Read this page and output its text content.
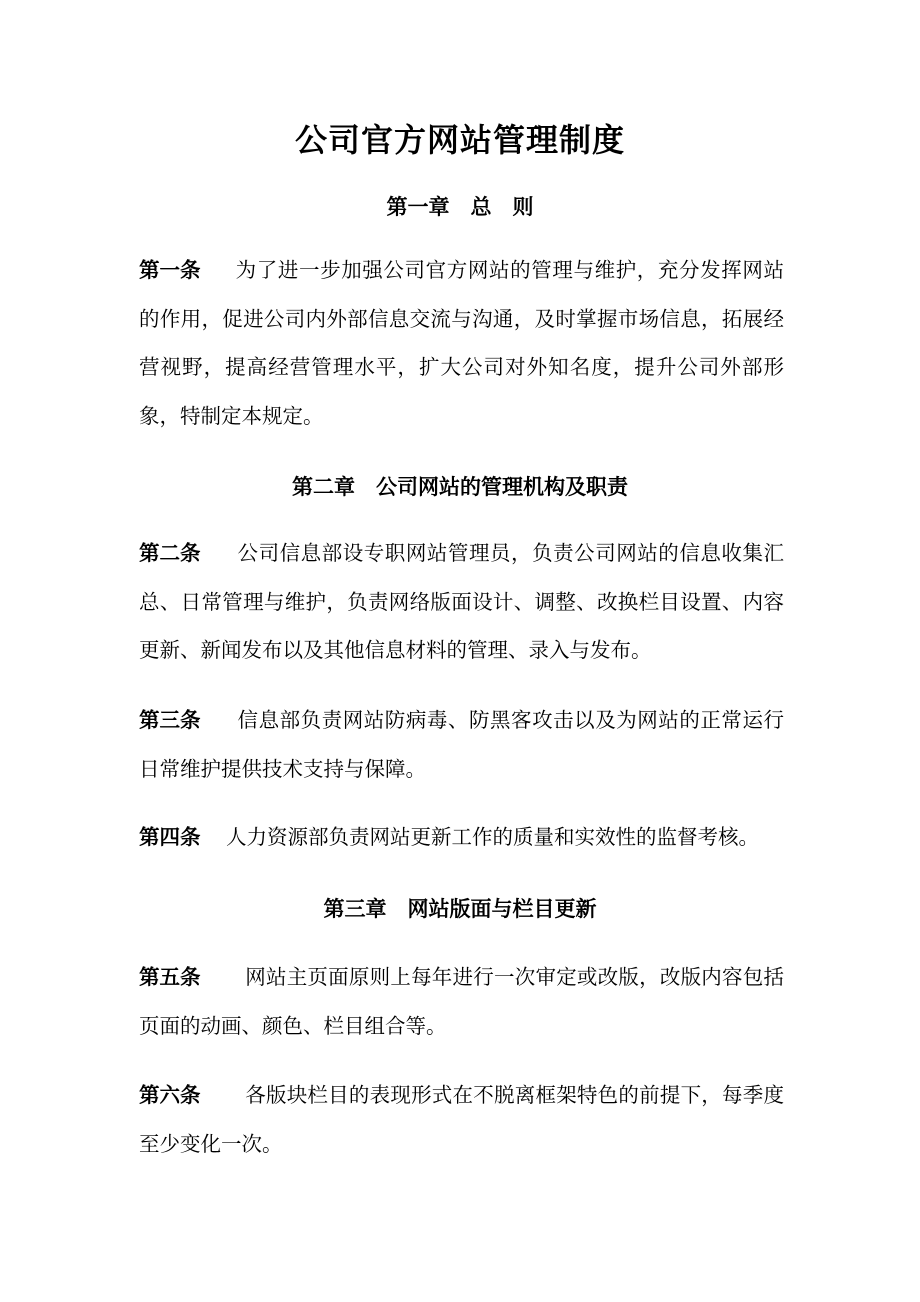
公司官方网站管理制度
第一章　 总　则
第一条 为了进一步加强公司官方网站的管理与维护，充分发挥网站的作用，促进公司内外部信息交流与沟通，及时掌握市场信息，拓展经营视野，提高经营管理水平，扩大公司对外知名度，提升公司外部形象，特制定本规定。
第二章　 公司网站的管理机构及职责
第二条 公司信息部设专职网站管理员，负责公司网站的信息收集汇总、日常管理与维护，负责网络版面设计、调整、改换栏目设置、内容更新、新闻发布以及其他信息材料的管理、录入与发布。
第三条 信息部负责网站防病毒、防黑客攻击以及为网站的正常运行日常维护提供技术支持与保障。
第四条 人力资源部负责网站更新工作的质量和实效性的监督考核。
第三章　 网站版面与栏目更新
第五条 网站主页面原则上每年进行一次审定或改版，改版内容包括页面的动画、颜色、栏目组合等。
第六条 各版块栏目的表现形式在不脱离框架特色的前提下，每季度至少变化一次。
